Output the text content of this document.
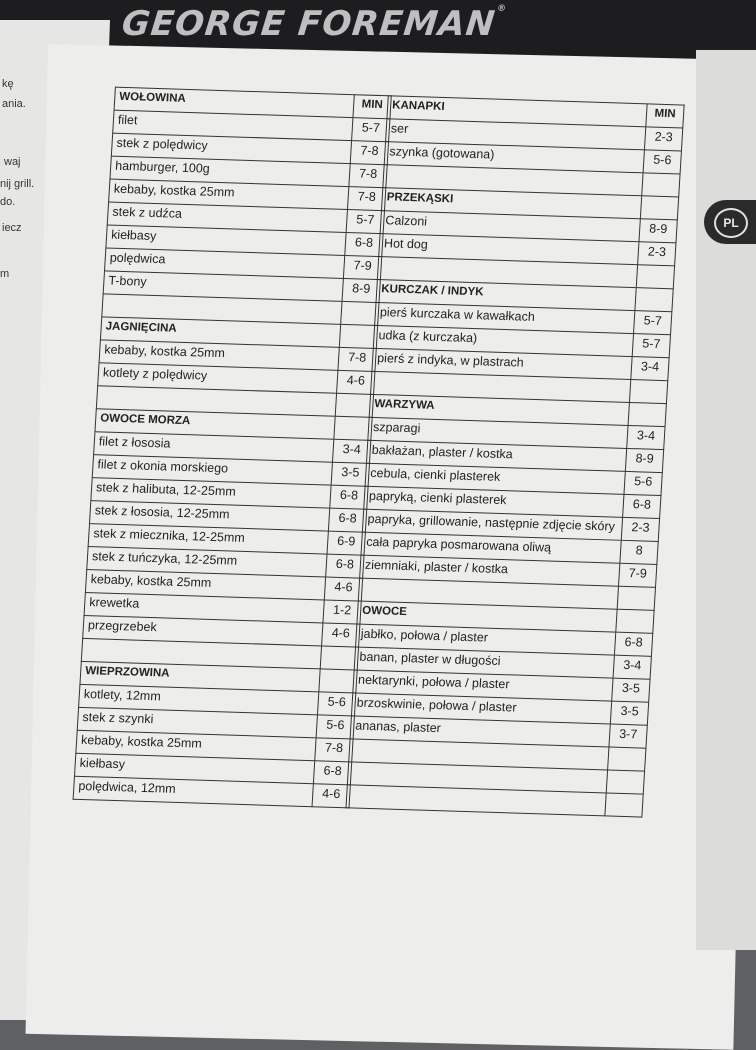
kę
ania.
waj
nij grill.
do.
iecz
m
GEORGE FOREMAN®
PL
WOŁOWINA	MIN
filet	5-7
stek z polędwicy	7-8
hamburger, 100g	7-8
kebaby, kostka 25mm	7-8
stek z udźca	5-7
kiełbasy	6-8
polędwica	7-9
T-bony	8-9

JAGNIĘCINA	
kebaby, kostka 25mm	7-8
kotlety z polędwicy	4-6

OWOCE MORZA	
filet z łososia	3-4
filet z okonia morskiego	3-5
stek z halibuta, 12-25mm	6-8
stek z łososia, 12-25mm	6-8
stek z miecznika, 12-25mm	6-9
stek z tuńczyka, 12-25mm	6-8
kebaby, kostka 25mm	4-6
krewetka	1-2
przegrzebek	4-6

WIEPRZOWINA	
kotlety, 12mm	5-6
stek z szynki	5-6
kebaby, kostka 25mm	7-8
kiełbasy	6-8
polędwica, 12mm	4-6
KANAPKI	MIN
ser	2-3
szynka (gotowana)	5-6

PRZEKĄSKI	
Calzoni	8-9
Hot dog	2-3

KURCZAK / INDYK	
pierś kurczaka w kawałkach	5-7
udka (z kurczaka)	5-7
pierś z indyka, w plastrach	3-4

WARZYWA	
szparagi	3-4
bakłażan, plaster / kostka	8-9
cebula, cienki plasterek	5-6
papryką, cienki plasterek	6-8
papryka, grillowanie, następnie zdjęcie skóry	2-3
cała papryka posmarowana oliwą	8
ziemniaki, plaster / kostka	7-9

OWOCE	
jabłko, połowa / plaster	6-8
banan, plaster w długości	3-4
nektarynki, połowa / plaster	3-5
brzoskwinie, połowa / plaster	3-5
ananas, plaster	3-7
